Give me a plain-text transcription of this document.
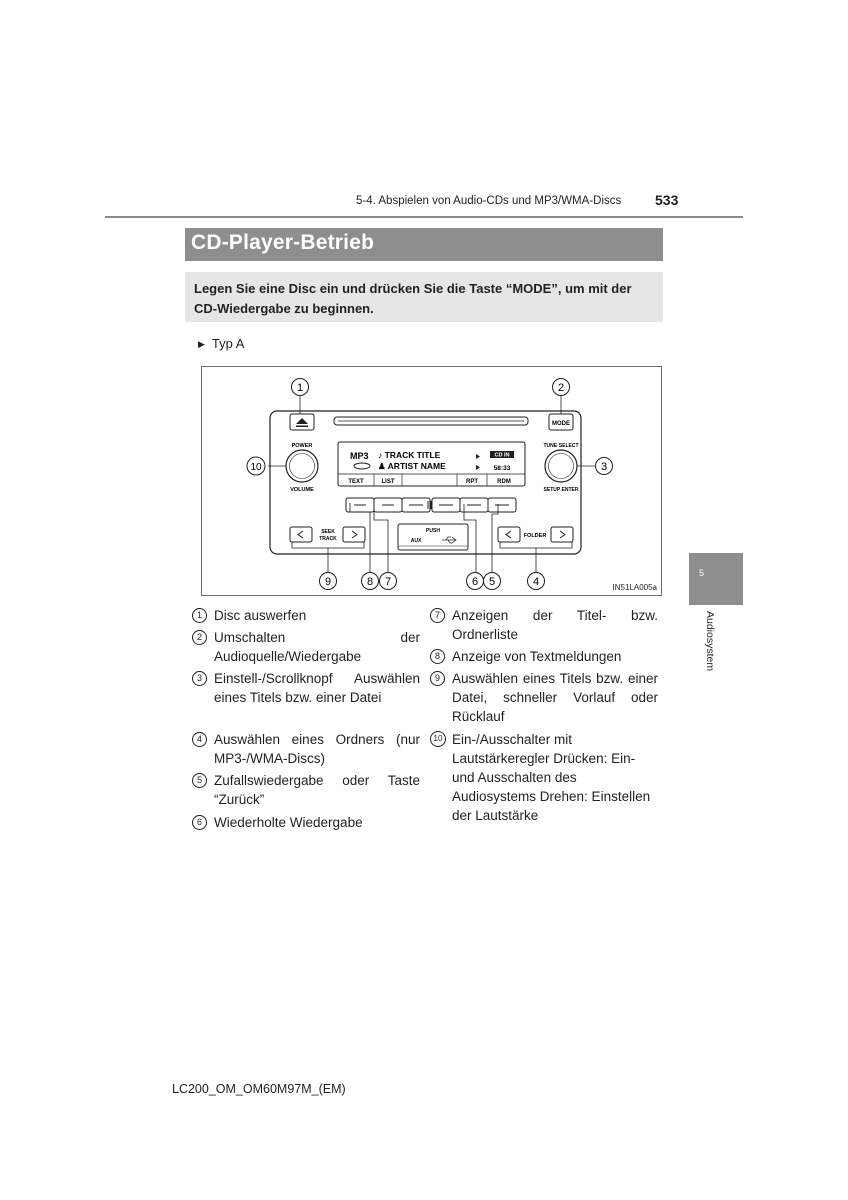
5-4. Abspielen von Audio-CDs und MP3/WMA-Discs 533
CD-Player-Betrieb
Legen Sie eine Disc ein und drücken Sie die Taste “MODE”, um mit der CD-Wiedergabe zu beginnen.
▶ Typ A
MODE
POWER
VOLUME
TUNE·SELECT
SETUP ENTER
MP3 ♪ TRACK TITLE
♟ ARTIST NAME
CD IN
58:33
TEXT	LIST	RPT	RDM
SEEK
TRACK
PUSH
AUX
FOLDER
1	2
3
4
5
6
7
8
9
10
IN51LA005a
5
Audiosystem
1 Disc auswerfen
2 Umschalten der Audioquelle/Wiedergabe
3 Einstell-/Scrollknopf Auswählen eines Titels bzw. einer Datei
4 Auswählen eines Ordners (nur MP3-/WMA-Discs)
5 Zufallswiedergabe oder Taste “Zurück”
6 Wiederholte Wiedergabe
7 Anzeigen der Titel- bzw. Ordnerliste
8 Anzeige von Textmeldungen
9 Auswählen eines Titels bzw. einer Datei, schneller Vorlauf oder Rücklauf
10 Ein-/Ausschalter mit Lautstärkeregler Drücken: Ein- und Ausschalten des Audiosystems Drehen: Einstellen der Lautstärke
LC200_OM_OM60M97M_(EM)
